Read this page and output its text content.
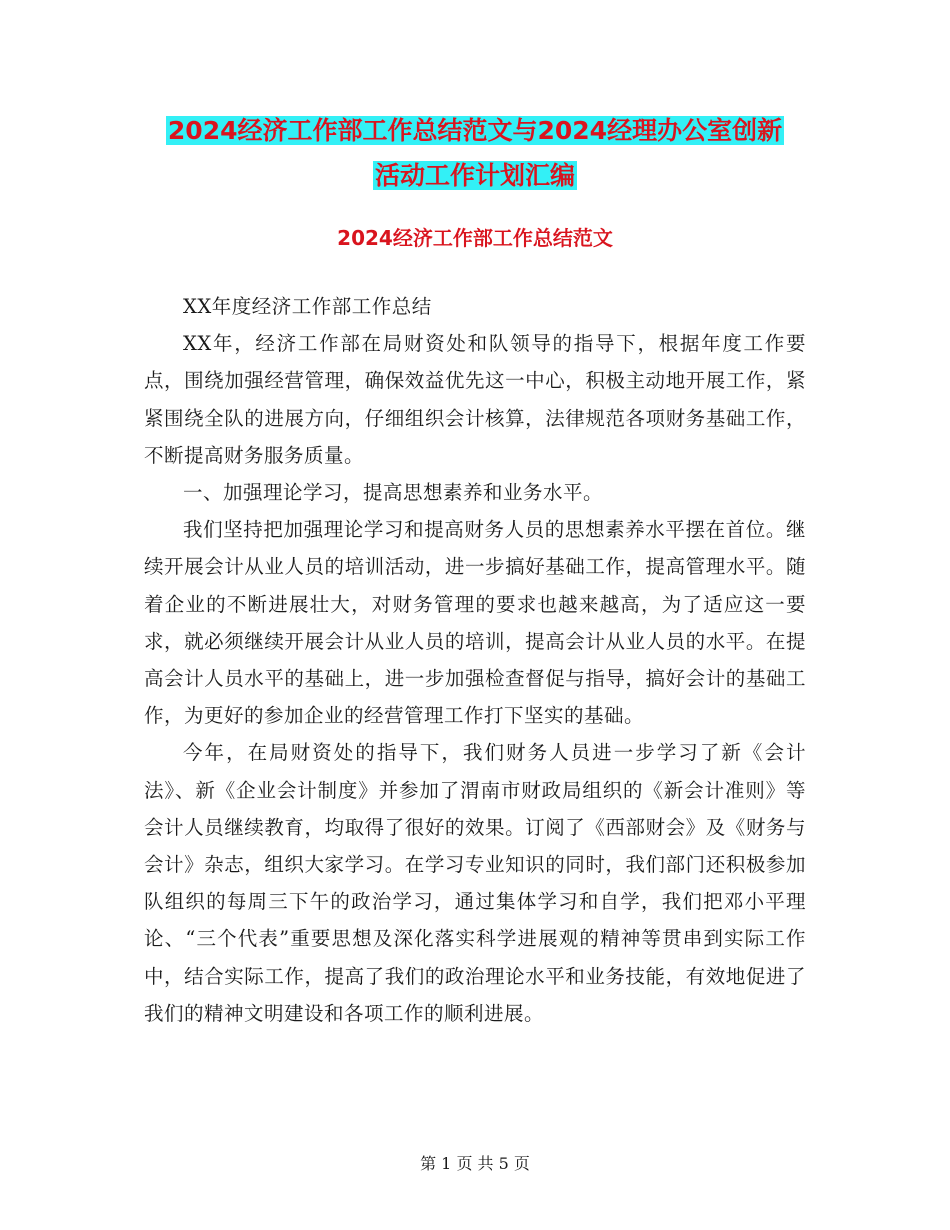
2024经济工作部工作总结范文与2024经理办公室创新
活动工作计划汇编
2024经济工作部工作总结范文

XX年度经济工作部工作总结

XX年，经济工作部在局财资处和队领导的指导下，根据年度工作要点，围绕加强经营管理，确保效益优先这一中心，积极主动地开展工作，紧紧围绕全队的进展方向，仔细组织会计核算，法律规范各项财务基础工作，不断提高财务服务质量。

一、加强理论学习，提高思想素养和业务水平。

我们坚持把加强理论学习和提高财务人员的思想素养水平摆在首位。继续开展会计从业人员的培训活动，进一步搞好基础工作，提高管理水平。随着企业的不断进展壮大，对财务管理的要求也越来越高，为了适应这一要求，就必须继续开展会计从业人员的培训，提高会计从业人员的水平。在提高会计人员水平的基础上，进一步加强检查督促与指导，搞好会计的基础工作，为更好的参加企业的经营管理工作打下坚实的基础。

今年，在局财资处的指导下，我们财务人员进一步学习了新《会计法》、新《企业会计制度》并参加了渭南市财政局组织的《新会计准则》等会计人员继续教育，均取得了很好的效果。订阅了《西部财会》及《财务与会计》杂志，组织大家学习。在学习专业知识的同时，我们部门还积极参加队组织的每周三下午的政治学习，通过集体学习和自学，我们把邓小平理论、“三个代表”重要思想及深化落实科学进展观的精神等贯串到实际工作中，结合实际工作，提高了我们的政治理论水平和业务技能，有效地促进了我们的精神文明建设和各项工作的顺利进展。

第 1 页 共 5 页
